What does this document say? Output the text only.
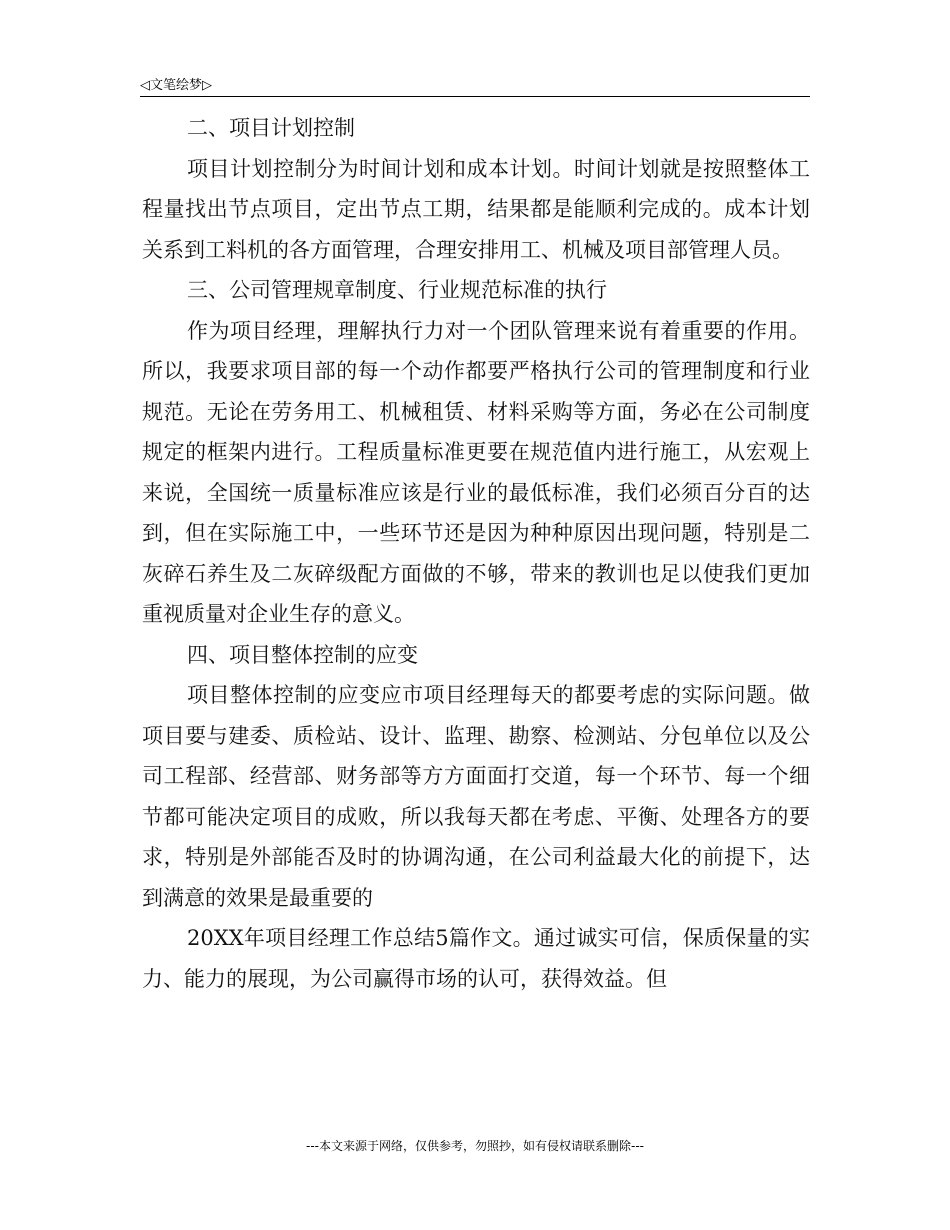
◁文笔绘梦▷

二、项目计划控制

项目计划控制分为时间计划和成本计划。时间计划就是按照整体工程量找出节点项目，定出节点工期，结果都是能顺利完成的。成本计划关系到工料机的各方面管理，合理安排用工、机械及项目部管理人员。

三、公司管理规章制度、行业规范标准的执行

作为项目经理，理解执行力对一个团队管理来说有着重要的作用。所以，我要求项目部的每一个动作都要严格执行公司的管理制度和行业规范。无论在劳务用工、机械租赁、材料采购等方面，务必在公司制度规定的框架内进行。工程质量标准更要在规范值内进行施工，从宏观上来说，全国统一质量标准应该是行业的最低标准，我们必须百分百的达到，但在实际施工中，一些环节还是因为种种原因出现问题，特别是二灰碎石养生及二灰碎级配方面做的不够，带来的教训也足以使我们更加重视质量对企业生存的意义。

四、项目整体控制的应变

项目整体控制的应变应市项目经理每天的都要考虑的实际问题。做项目要与建委、质检站、设计、监理、勘察、检测站、分包单位以及公司工程部、经营部、财务部等方方面面打交道，每一个环节、每一个细节都可能决定项目的成败，所以我每天都在考虑、平衡、处理各方的要求，特别是外部能否及时的协调沟通，在公司利益最大化的前提下，达到满意的效果是最重要的

20XX年项目经理工作总结5篇作文。通过诚实可信，保质保量的实力、能力的展现，为公司赢得市场的认可，获得效益。但

---本文来源于网络，仅供参考，勿照抄，如有侵权请联系删除---
